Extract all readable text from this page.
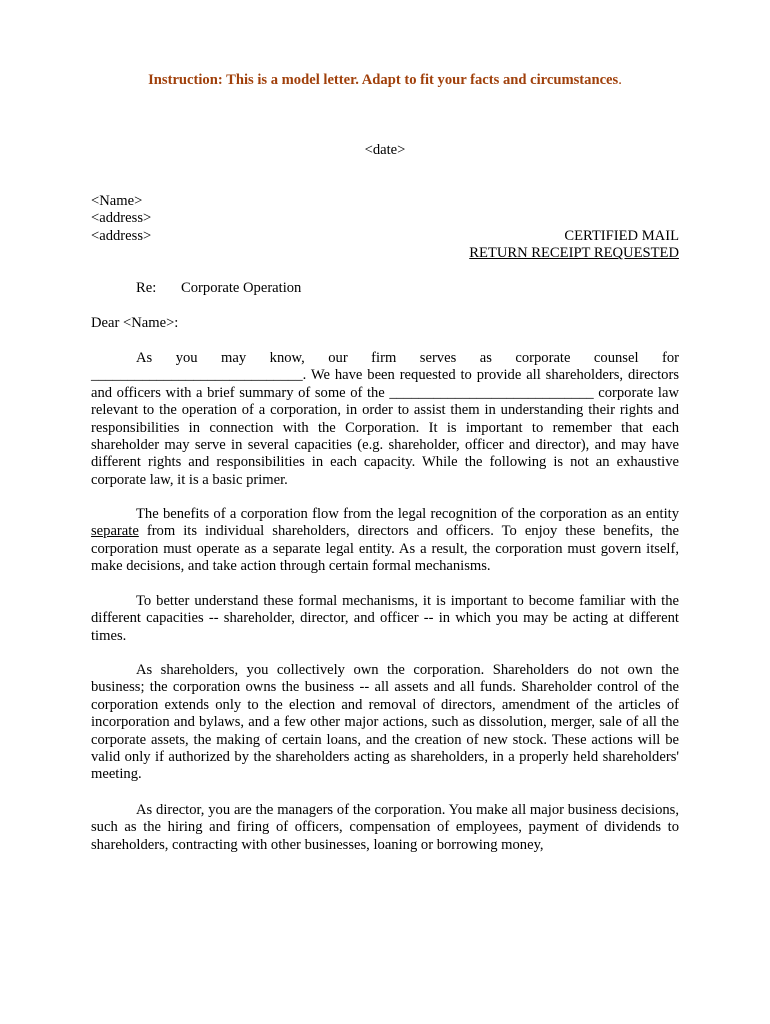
Instruction: This is a model letter. Adapt to fit your facts and circumstances.
<date>
<Name>
<address>
<address>	CERTIFIED MAIL
RETURN RECEIPT REQUESTED
Re: Corporate Operation
Dear <Name>:
As you may know, our firm serves as corporate counsel for _____________________________. We have been requested to provide all shareholders, directors and officers with a brief summary of some of the ____________________________ corporate law relevant to the operation of a corporation, in order to assist them in understanding their rights and responsibilities in connection with the Corporation. It is important to remember that each shareholder may serve in several capacities (e.g. shareholder, officer and director), and may have different rights and responsibilities in each capacity. While the following is not an exhaustive corporate law, it is a basic primer.
The benefits of a corporation flow from the legal recognition of the corporation as an entity separate from its individual shareholders, directors and officers. To enjoy these benefits, the corporation must operate as a separate legal entity. As a result, the corporation must govern itself, make decisions, and take action through certain formal mechanisms.
To better understand these formal mechanisms, it is important to become familiar with the different capacities -- shareholder, director, and officer -- in which you may be acting at different times.
As shareholders, you collectively own the corporation. Shareholders do not own the business; the corporation owns the business -- all assets and all funds. Shareholder control of the corporation extends only to the election and removal of directors, amendment of the articles of incorporation and bylaws, and a few other major actions, such as dissolution, merger, sale of all the corporate assets, the making of certain loans, and the creation of new stock. These actions will be valid only if authorized by the shareholders acting as shareholders, in a properly held shareholders' meeting.
As director, you are the managers of the corporation. You make all major business decisions, such as the hiring and firing of officers, compensation of employees, payment of dividends to shareholders, contracting with other businesses, loaning or borrowing money,
